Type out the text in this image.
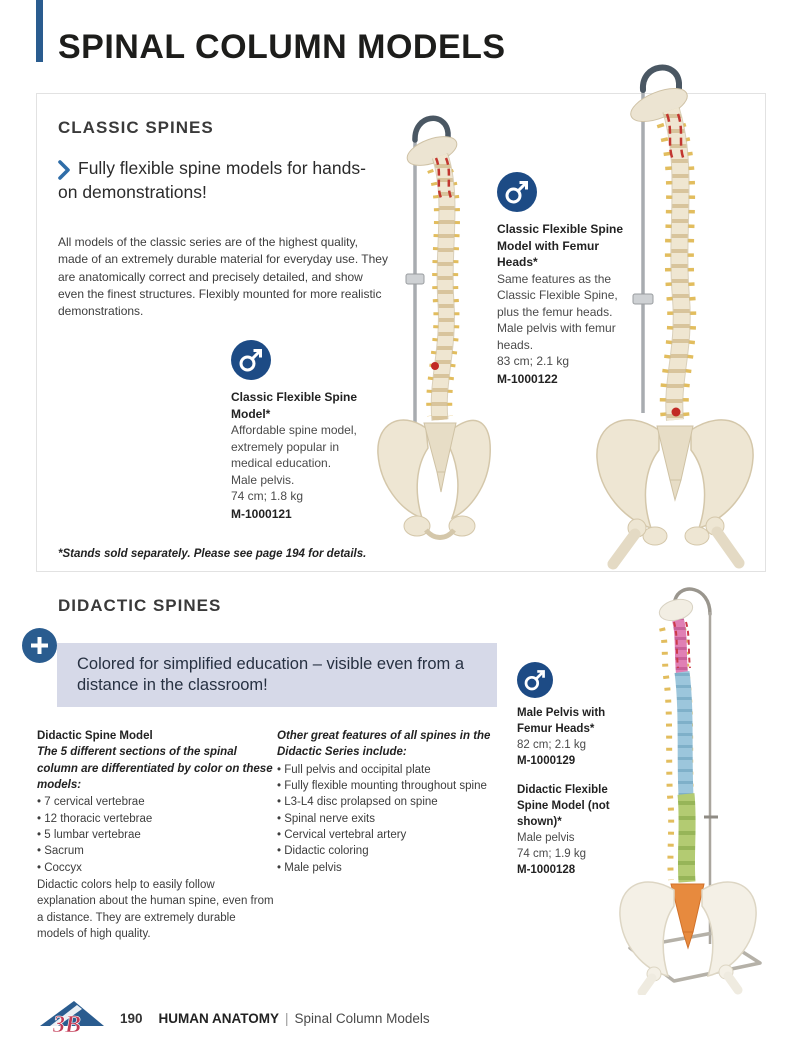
SPINAL COLUMN MODELS
CLASSIC SPINES
Fully flexible spine models for hands-on demonstrations!
All models of the classic series are of the highest quality, made of an extremely durable material for everyday use. They are anatomically correct and precisely detailed, and show even the finest structures. Flexibly mounted for more realistic demonstrations.
Classic Flexible Spine Model*
Affordable spine model, extremely popular in medical education.
Male pelvis.
74 cm; 1.8 kg
M-1000121
Classic Flexible Spine Model with Femur Heads*
Same features as the Classic Flexible Spine, plus the femur heads.
Male pelvis with femur heads.
83 cm; 2.1 kg
M-1000122
*Stands sold separately. Please see page 194 for details.
DIDACTIC SPINES
Colored for simplified education – visible even from a distance in the classroom!
Didactic Spine Model
The 5 different sections of the spinal column are differentiated by color on these models:
• 7 cervical vertebrae
• 12 thoracic vertebrae
• 5 lumbar vertebrae
• Sacrum
• Coccyx
Didactic colors help to easily follow explanation about the human spine, even from a distance. They are extremely durable models of high quality.
Other great features of all spines in the Didactic Series include:
• Full pelvis and occipital plate
• Fully flexible mounting throughout spine
• L3-L4 disc prolapsed on spine
• Spinal nerve exits
• Cervical vertebral artery
• Didactic coloring
• Male pelvis
Male Pelvis with Femur Heads*
82 cm; 2.1 kg
M-1000129
Didactic Flexible Spine Model (not shown)*
Male pelvis
74 cm; 1.9 kg
M-1000128
3B	190 HUMAN ANATOMY | Spinal Column Models
